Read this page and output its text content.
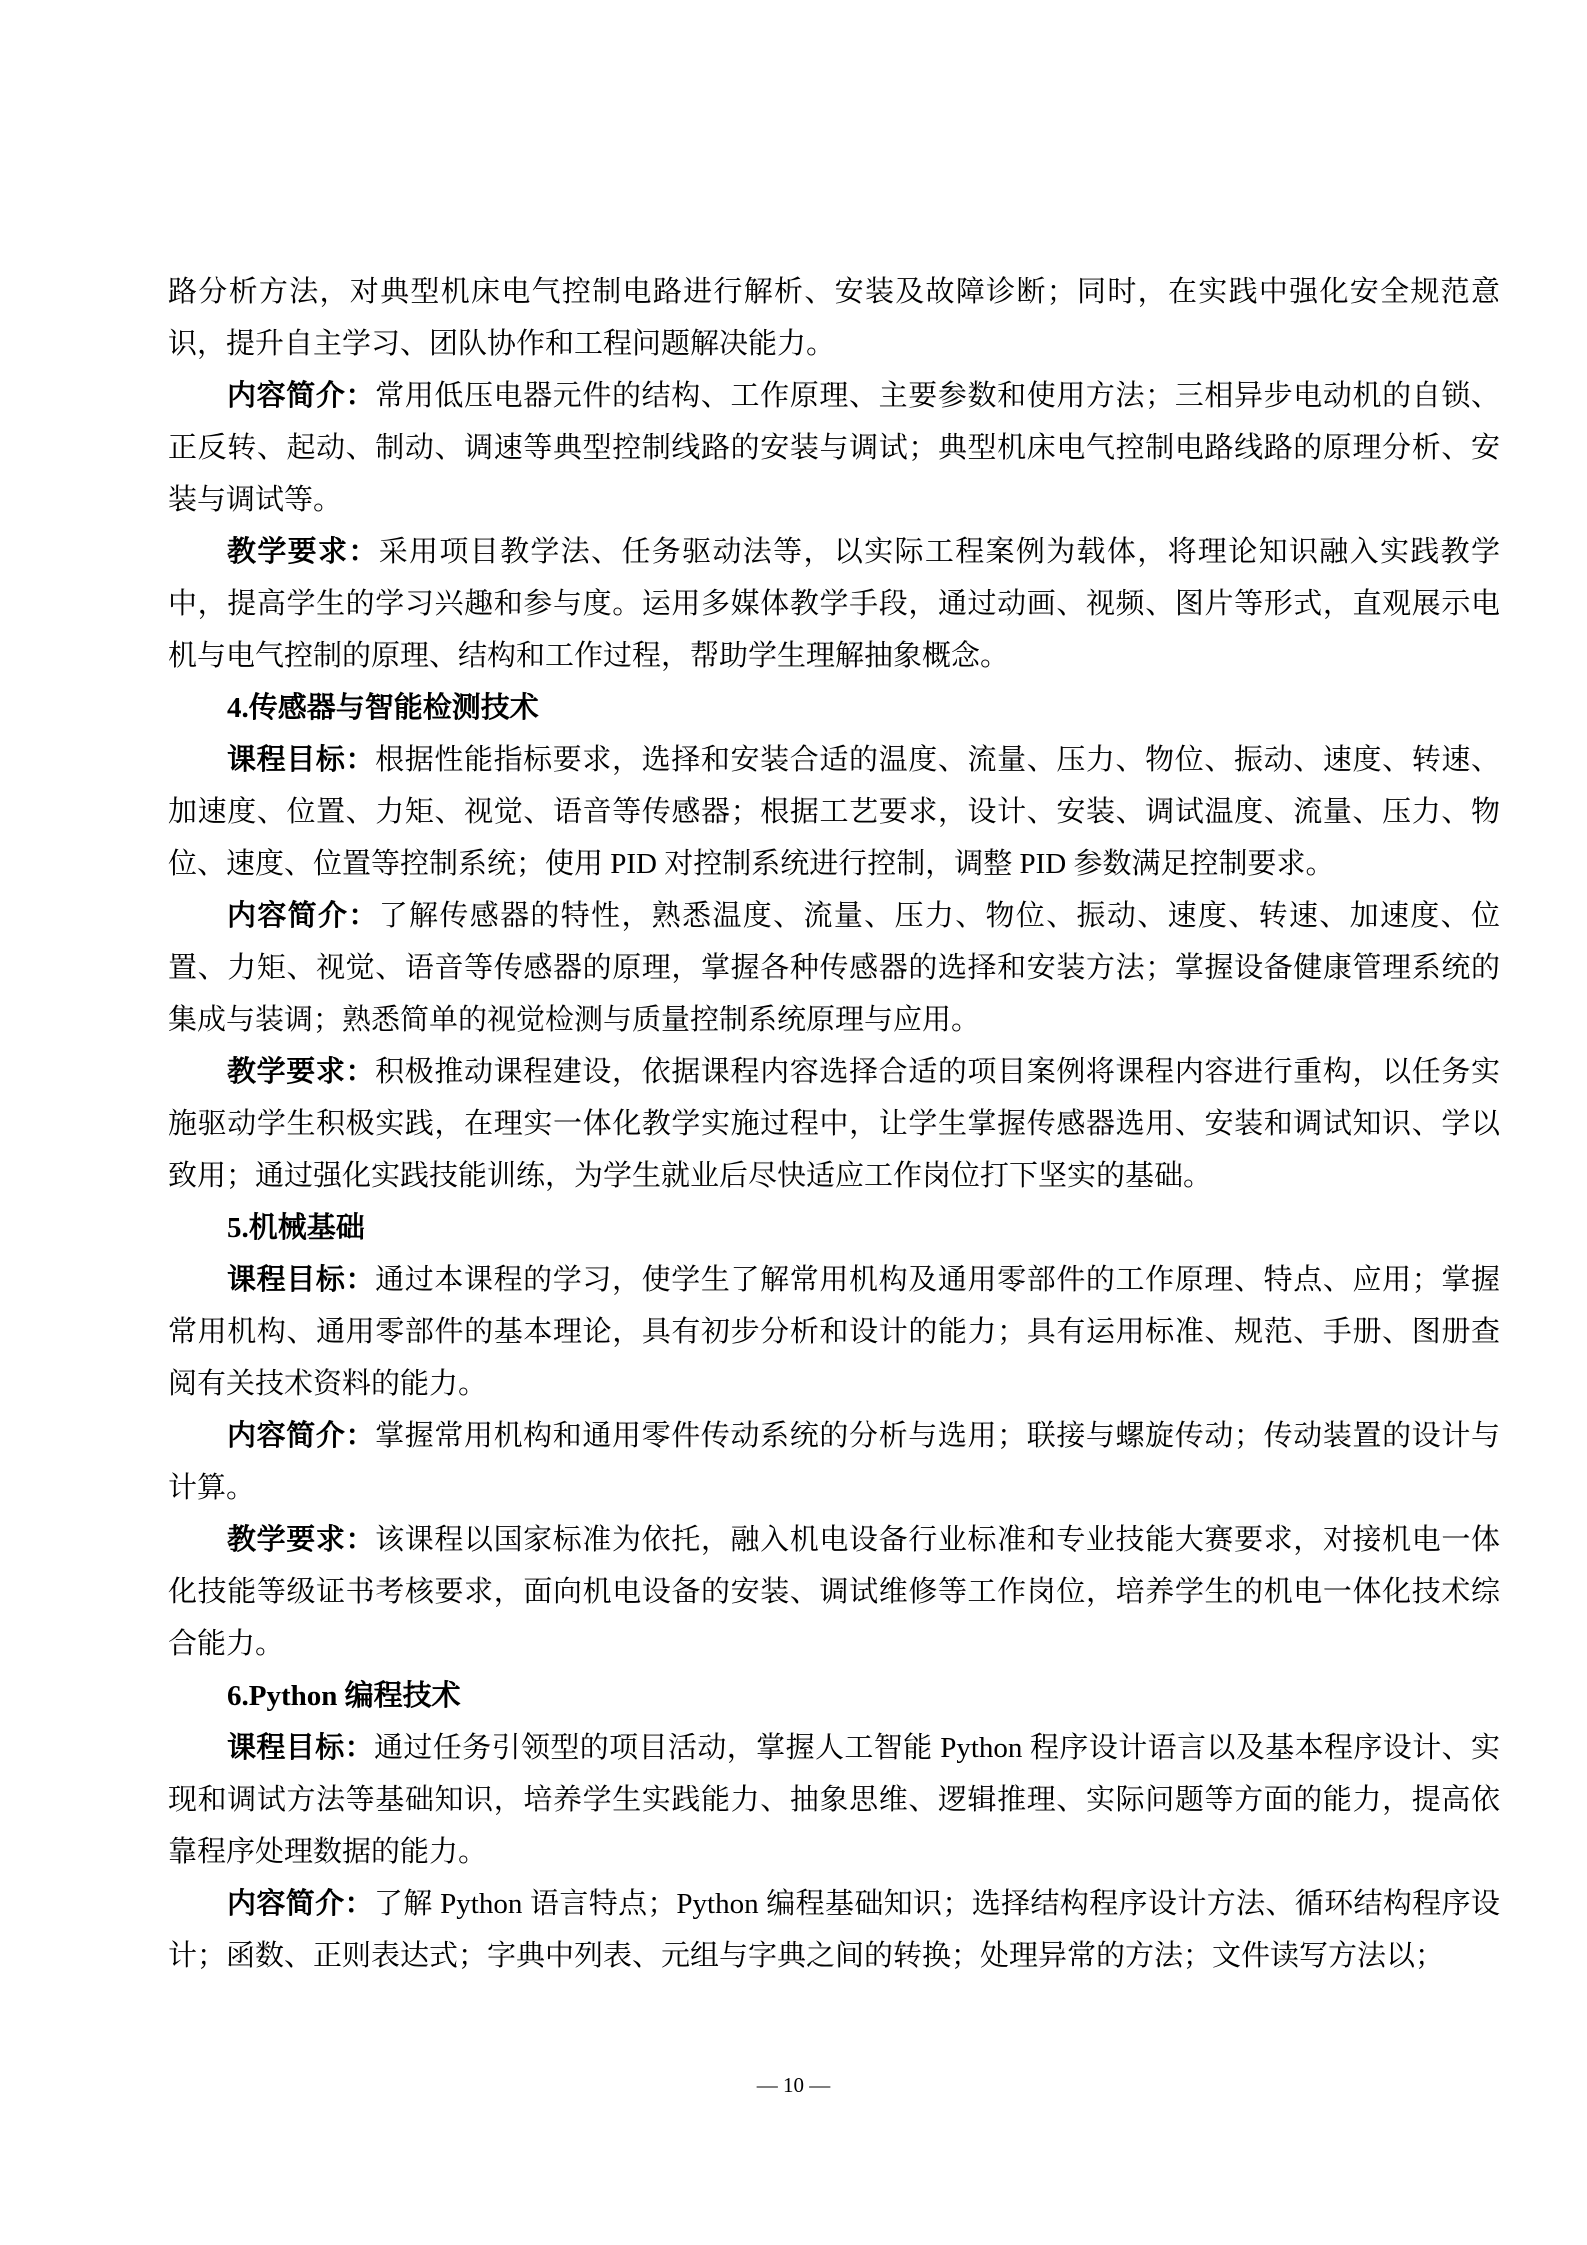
路分析方法，对典型机床电气控制电路进行解析、安装及故障诊断；同时，在实践中强化安全规范意识，提升自主学习、团队协作和工程问题解决能力。

内容简介：常用低压电器元件的结构、工作原理、主要参数和使用方法；三相异步电动机的自锁、正反转、起动、制动、调速等典型控制线路的安装与调试；典型机床电气控制电路线路的原理分析、安装与调试等。

教学要求：采用项目教学法、任务驱动法等，以实际工程案例为载体，将理论知识融入实践教学中，提高学生的学习兴趣和参与度。运用多媒体教学手段，通过动画、视频、图片等形式，直观展示电机与电气控制的原理、结构和工作过程，帮助学生理解抽象概念。

4.传感器与智能检测技术

课程目标：根据性能指标要求，选择和安装合适的温度、流量、压力、物位、振动、速度、转速、加速度、位置、力矩、视觉、语音等传感器；根据工艺要求，设计、安装、调试温度、流量、压力、物位、速度、位置等控制系统；使用 PID 对控制系统进行控制，调整 PID 参数满足控制要求。

内容简介：了解传感器的特性，熟悉温度、流量、压力、物位、振动、速度、转速、加速度、位置、力矩、视觉、语音等传感器的原理，掌握各种传感器的选择和安装方法；掌握设备健康管理系统的集成与装调；熟悉简单的视觉检测与质量控制系统原理与应用。

教学要求：积极推动课程建设，依据课程内容选择合适的项目案例将课程内容进行重构，以任务实施驱动学生积极实践，在理实一体化教学实施过程中，让学生掌握传感器选用、安装和调试知识、学以致用；通过强化实践技能训练，为学生就业后尽快适应工作岗位打下坚实的基础。

5.机械基础

课程目标：通过本课程的学习，使学生了解常用机构及通用零部件的工作原理、特点、应用；掌握常用机构、通用零部件的基本理论，具有初步分析和设计的能力；具有运用标准、规范、手册、图册查阅有关技术资料的能力。

内容简介：掌握常用机构和通用零件传动系统的分析与选用；联接与螺旋传动；传动装置的设计与计算。

教学要求：该课程以国家标准为依托，融入机电设备行业标准和专业技能大赛要求，对接机电一体化技能等级证书考核要求，面向机电设备的安装、调试维修等工作岗位，培养学生的机电一体化技术综合能力。

6.Python 编程技术

课程目标：通过任务引领型的项目活动，掌握人工智能 Python 程序设计语言以及基本程序设计、实现和调试方法等基础知识，培养学生实践能力、抽象思维、逻辑推理、实际问题等方面的能力，提高依靠程序处理数据的能力。

内容简介：了解 Python 语言特点；Python 编程基础知识；选择结构程序设计方法、循环结构程序设计；函数、正则表达式；字典中列表、元组与字典之间的转换；处理异常的方法；文件读写方法以；

— 10 —
